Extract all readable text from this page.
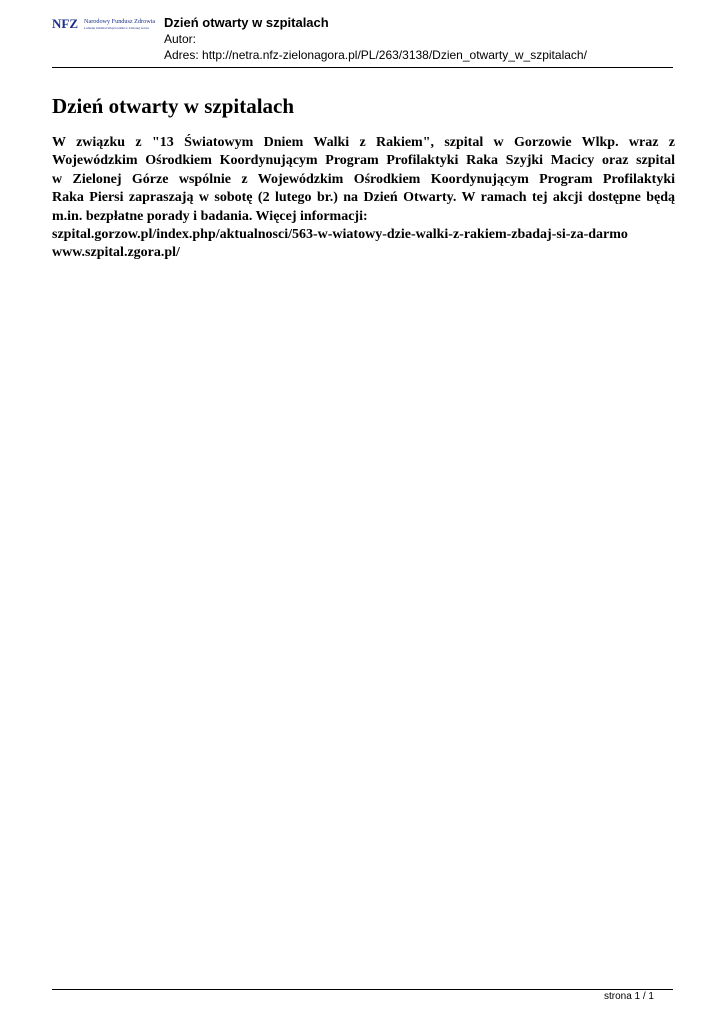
NFZ Narodowy Fundusz Zdrowia
Lubuski Oddział Wojewódzki w Zielonej Górze Dzień otwarty w szpitalach
Autor:
Adres: http://netra.nfz-zielonagora.pl/PL/263/3138/Dzien_otwarty_w_szpitalach/
Dzień otwarty w szpitalach
W związku z "13 Światowym Dniem Walki z Rakiem", szpital w Gorzowie Wlkp. wraz z
Wojewódzkim Ośrodkiem Koordynującym Program Profilaktyki Raka Szyjki Macicy oraz szpital
w Zielonej Górze wspólnie z Wojewódzkim Ośrodkiem Koordynującym Program Profilaktyki
Raka Piersi zapraszają w sobotę (2 lutego br.) na Dzień Otwarty. W ramach tej akcji dostępne będą
m.in. bezpłatne porady i badania. Więcej informacji:
szpital.gorzow.pl/index.php/aktualnosci/563-w-wiatowy-dzie-walki-z-rakiem-zbadaj-si-za-darmo
www.szpital.zgora.pl/
strona 1 / 1
